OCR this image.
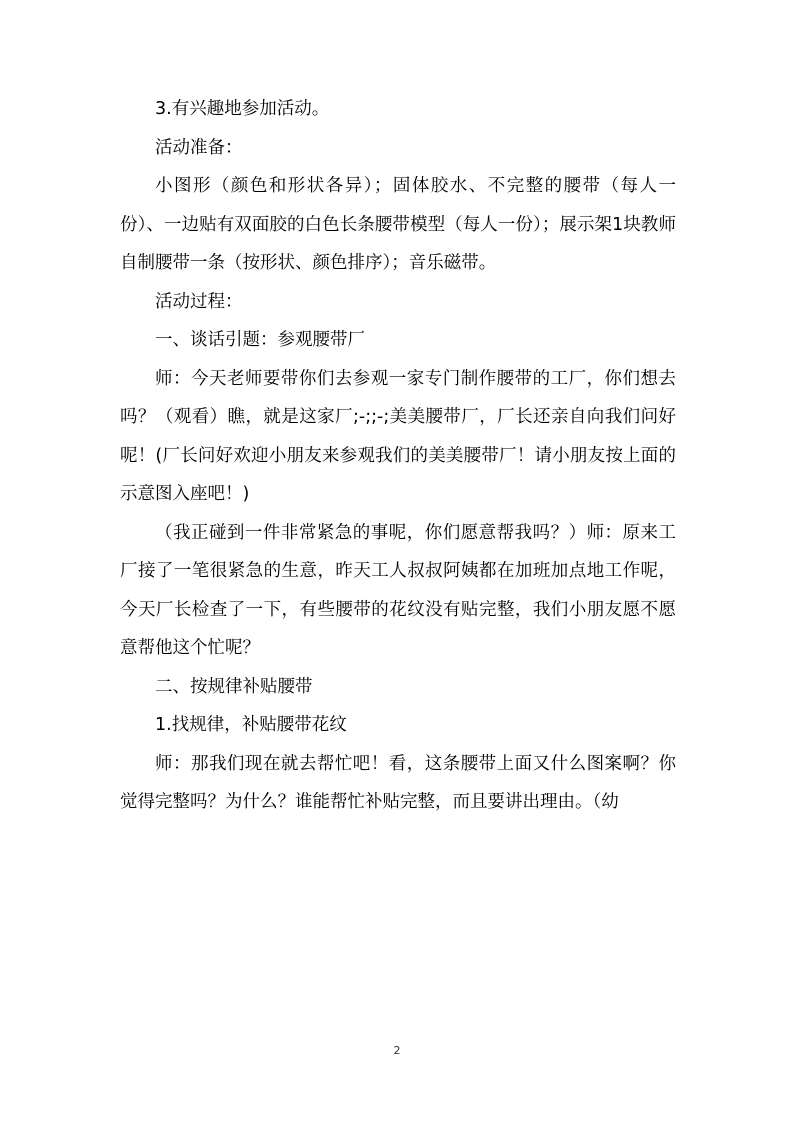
3.有兴趣地参加活动。

活动准备：

小图形（颜色和形状各异）；固体胶水、不完整的腰带（每人一份）、一边贴有双面胶的白色长条腰带模型（每人一份）；展示架1块教师自制腰带一条（按形状、颜色排序）；音乐磁带。

活动过程：

一、谈话引题：参观腰带厂

师：今天老师要带你们去参观一家专门制作腰带的工厂，你们想去吗？（观看）瞧，就是这家厂;-;;-;美美腰带厂，厂长还亲自向我们问好呢！(厂长问好欢迎小朋友来参观我们的美美腰带厂！请小朋友按上面的示意图入座吧！)

（我正碰到一件非常紧急的事呢，你们愿意帮我吗？）师：原来工厂接了一笔很紧急的生意，昨天工人叔叔阿姨都在加班加点地工作呢，今天厂长检查了一下，有些腰带的花纹没有贴完整，我们小朋友愿不愿意帮他这个忙呢？

二、按规律补贴腰带

1.找规律，补贴腰带花纹

师：那我们现在就去帮忙吧！看，这条腰带上面又什么图案啊？你觉得完整吗？为什么？谁能帮忙补贴完整，而且要讲出理由。（幼

2
